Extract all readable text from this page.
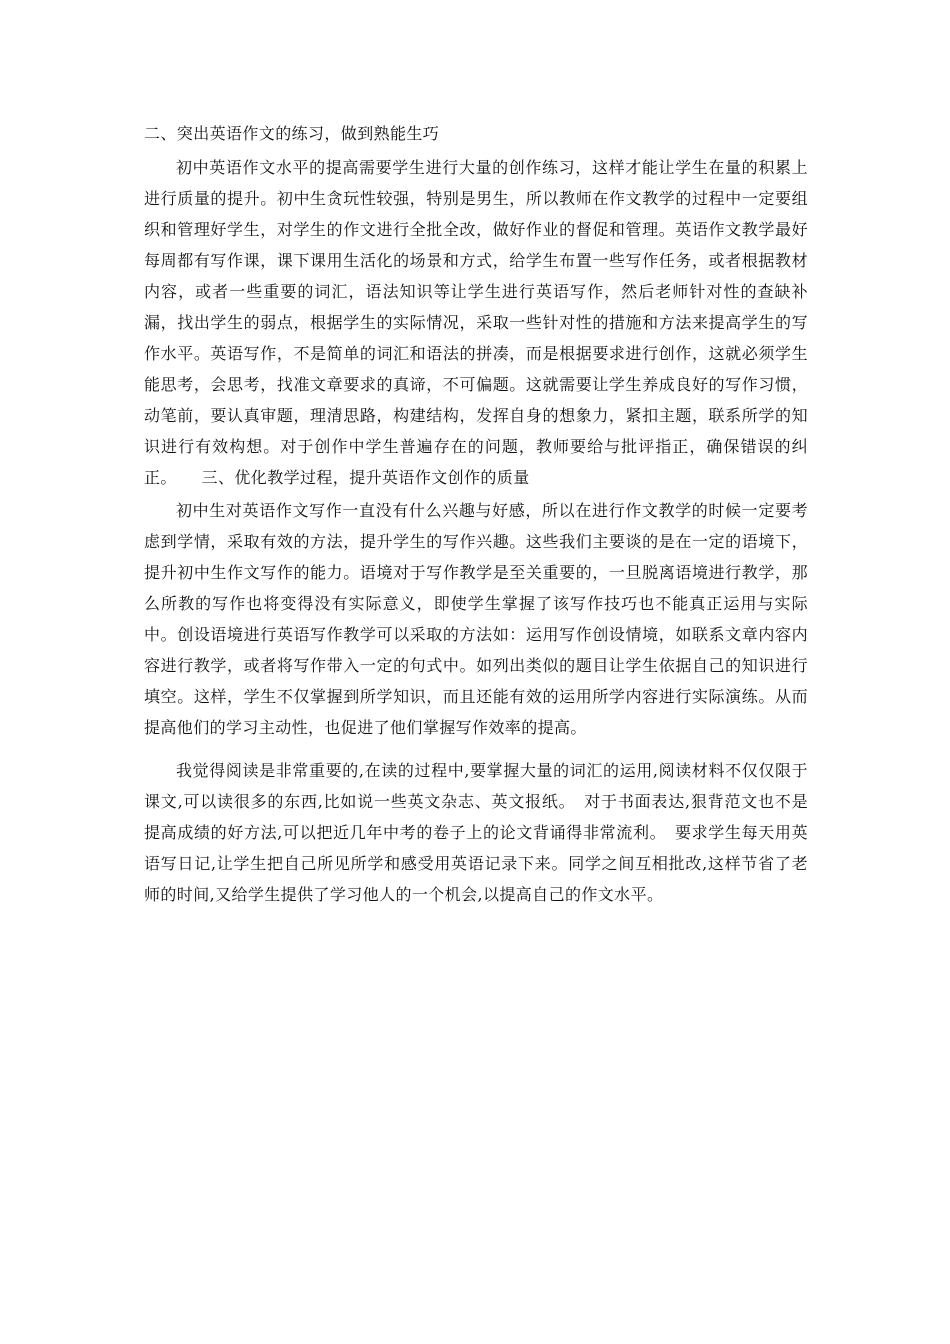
二、突出英语作文的练习，做到熟能生巧

初中英语作文水平的提高需要学生进行大量的创作练习，这样才能让学生在量的积累上进行质量的提升。初中生贪玩性较强，特别是男生，所以教师在作文教学的过程中一定要组织和管理好学生，对学生的作文进行全批全改，做好作业的督促和管理。英语作文教学最好每周都有写作课，课下课用生活化的场景和方式，给学生布置一些写作任务，或者根据教材内容，或者一些重要的词汇，语法知识等让学生进行英语写作，然后老师针对性的查缺补漏，找出学生的弱点，根据学生的实际情况，采取一些针对性的措施和方法来提高学生的写作水平。英语写作，不是简单的词汇和语法的拼凑，而是根据要求进行创作，这就必须学生能思考，会思考，找准文章要求的真谛，不可偏题。这就需要让学生养成良好的写作习惯，动笔前，要认真审题，理清思路，构建结构，发挥自身的想象力，紧扣主题，联系所学的知识进行有效构想。对于创作中学生普遍存在的问题，教师要给与批评指正，确保错误的纠正。　　三、优化教学过程，提升英语作文创作的质量

初中生对英语作文写作一直没有什么兴趣与好感，所以在进行作文教学的时候一定要考虑到学情，采取有效的方法，提升学生的写作兴趣。这些我们主要谈的是在一定的语境下，提升初中生作文写作的能力。语境对于写作教学是至关重要的，一旦脱离语境进行教学，那么所教的写作也将变得没有实际意义，即使学生掌握了该写作技巧也不能真正运用与实际中。创设语境进行英语写作教学可以采取的方法如：运用写作创设情境，如联系文章内容内容进行教学，或者将写作带入一定的句式中。如列出类似的题目让学生依据自己的知识进行填空。这样，学生不仅掌握到所学知识，而且还能有效的运用所学内容进行实际演练。从而提高他们的学习主动性，也促进了他们掌握写作效率的提高。

我觉得阅读是非常重要的,在读的过程中,要掌握大量的词汇的运用,阅读材料不仅仅限于课文,可以读很多的东西,比如说一些英文杂志、英文报纸。　对于书面表达,狠背范文也不是提高成绩的好方法,可以把近几年中考的卷子上的论文背诵得非常流利。　要求学生每天用英语写日记,让学生把自己所见所学和感受用英语记录下来。同学之间互相批改,这样节省了老师的时间,又给学生提供了学习他人的一个机会,以提高自己的作文水平。
